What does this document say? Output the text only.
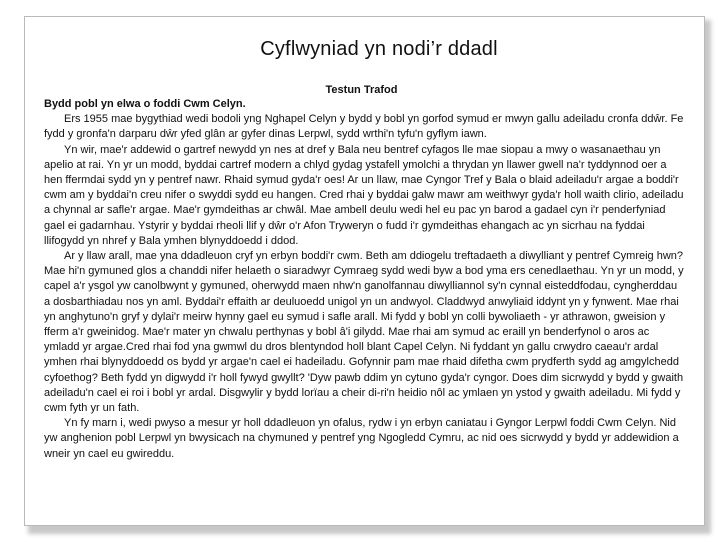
Cyflwyniad yn nodi’r ddadl
Testun Trafod

Bydd pobl yn elwa o foddi Cwm Celyn.

Ers 1955 mae bygythiad wedi bodoli yng Nghapel Celyn y bydd y bobl yn gorfod symud er mwyn gallu adeiladu cronfa ddŵr. Fe fydd y gronfa'n darparu dŵr yfed glân ar gyfer dinas Lerpwl, sydd wrthi'n tyfu'n gyflym iawn.

Yn wir, mae'r addewid o gartref newydd yn nes at dref y Bala neu bentref cyfagos lle mae siopau a mwy o wasanaethau yn apelio at rai. Yn yr un modd, byddai cartref modern a chlyd gydag ystafell ymolchi a thrydan yn llawer gwell na'r tyddynnod oer a hen ffermdai sydd yn y pentref nawr. Rhaid symud gyda'r oes! Ar un llaw, mae Cyngor Tref y Bala o blaid adeiladu'r argae a boddi'r cwm am y byddai'n creu nifer o swyddi sydd eu hangen. Cred rhai y byddai galw mawr am weithwyr gyda'r holl waith clirio, adeiladu a chynnal ar safle'r argae. Mae'r gymdeithas ar chwâl. Mae ambell deulu wedi hel eu pac yn barod a gadael cyn i'r penderfyniad gael ei gadarnhau. Ystyrir y byddai rheoli llif y dŵr o'r Afon Tryweryn o fudd i'r gymdeithas ehangach ac yn sicrhau na fyddai llifogydd yn nhref y Bala ymhen blynyddoedd i ddod.

Ar y llaw arall, mae yna ddadleuon cryf yn erbyn boddi'r cwm. Beth am ddiogelu treftadaeth a diwylliant y pentref Cymreig hwn? Mae hi'n gymuned glos a chanddi nifer helaeth o siaradwyr Cymraeg sydd wedi byw a bod yma ers cenedlaethau. Yn yr un modd, y capel a'r ysgol yw canolbwynt y gymuned, oherwydd maen nhw'n ganolfannau diwylliannol sy'n cynnal eisteddfodau, cyngherddau a dosbarthiadau nos yn aml. Byddai'r effaith ar deuluoedd unigol yn un andwyol. Claddwyd anwyliaid iddynt yn y fynwent. Mae rhai yn anghytuno'n gryf y dylai'r meirw hynny gael eu symud i safle arall. Mi fydd y bobl yn colli bywoliaeth - yr athrawon, gweision y fferm a'r gweinidog. Mae'r mater yn chwalu perthynas y bobl â'i gilydd. Mae rhai am symud ac eraill yn benderfynol o aros ac ymladd yr argae.Cred rhai fod yna gwmwl du dros blentyndod holl blant Capel Celyn. Ni fyddant yn gallu crwydro caeau'r ardal ymhen rhai blynyddoedd os bydd yr argae'n cael ei hadeiladu. Gofynnir pam mae rhaid difetha cwm prydferth sydd ag amgylchedd cyfoethog? Beth fydd yn digwydd i'r holl fywyd gwyllt? 'Dyw pawb ddim yn cytuno gyda'r cyngor. Does dim sicrwydd y bydd y gwaith adeiladu'n cael ei roi i bobl yr ardal. Disgwylir y bydd lorïau a cheir di-ri'n heidio nôl ac ymlaen yn ystod y gwaith adeiladu. Mi fydd y cwm fyth yr un fath.

Yn fy marn i, wedi pwyso a mesur yr holl ddadleuon yn ofalus, rydw i yn erbyn caniatau i Gyngor Lerpwl foddi Cwm Celyn. Nid yw anghenion pobl Lerpwl yn bwysicach na chymuned y pentref yng Ngogledd Cymru, ac nid oes sicrwydd y bydd yr addewidion a wneir yn cael eu gwireddu.
